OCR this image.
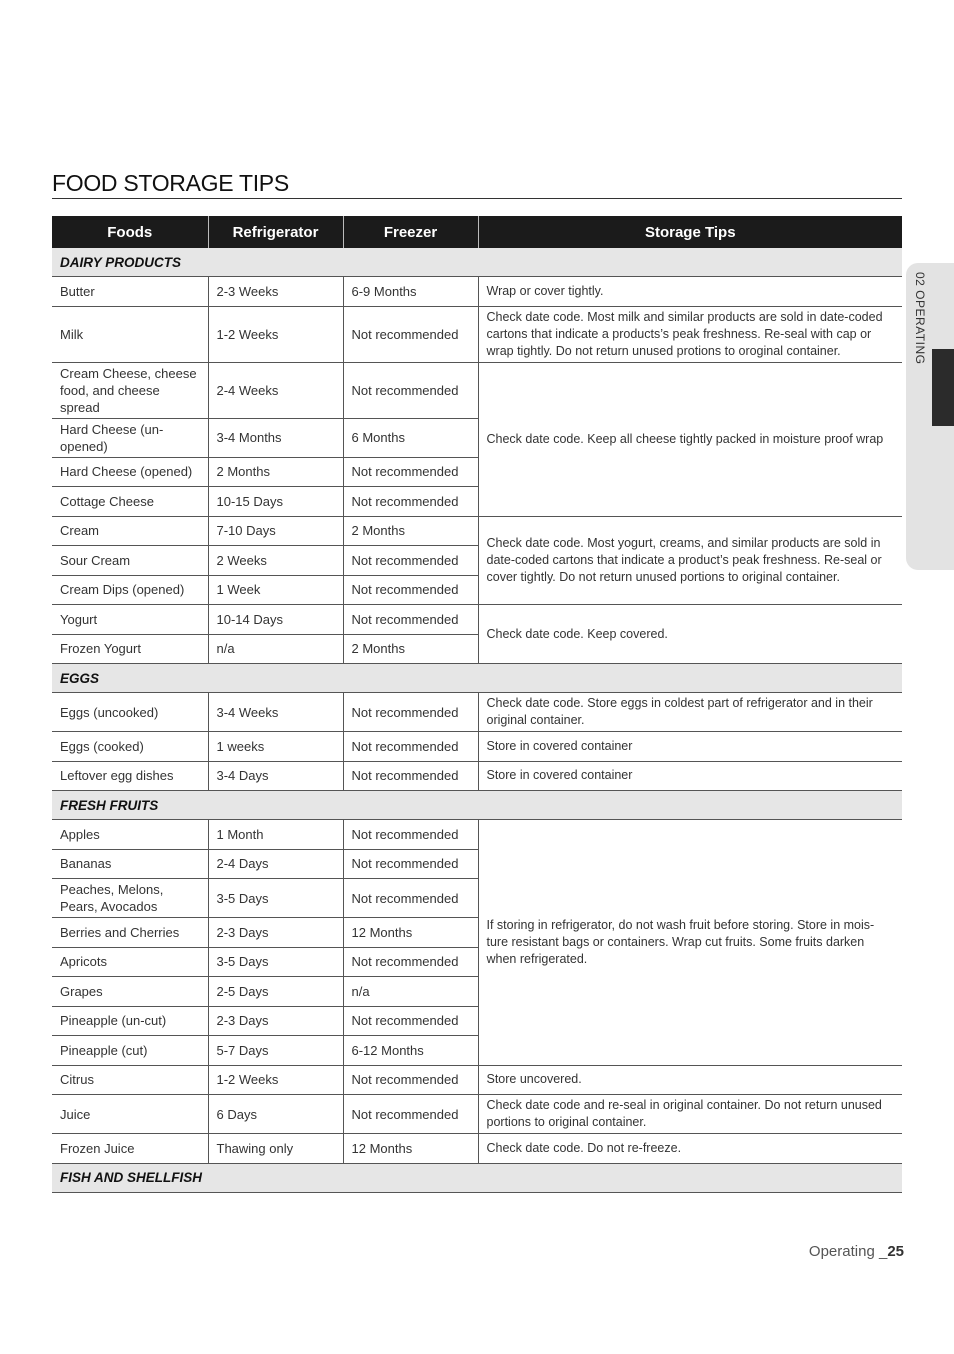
FOOD STORAGE TIPS
02 OPERATING
Foods	Refrigerator	Freezer	Storage Tips
DAIRY PRODUCTS			
Butter	2-3 Weeks	6-9 Months	Wrap or cover tightly.
Milk	1-2 Weeks	Not recommended	Check date code. Most milk and similar products are sold in date-coded cartons that indicate a products’s peak freshness. Re-seal with cap or wrap tightly. Do not return unused protions to oroginal container.
Cream Cheese, cheese food, and cheese spread	2-4 Weeks	Not recommended	Check date code. Keep all cheese tightly packed in moisture proof wrap
Hard Cheese (un-opened)	3-4 Months	6 Months	
Hard Cheese (opened)	2 Months	Not recommended	
Cottage Cheese	10-15 Days	Not recommended	
Cream	7-10 Days	2 Months	Check date code. Most yogurt, creams, and similar products are sold in date-coded cartons that indicate a product’s peak freshness. Re-seal or cover tightly. Do not return unused portions to original container.
Sour Cream	2 Weeks	Not recommended	
Cream Dips (opened)	1 Week	Not recommended	
Yogurt	10-14 Days	Not recommended	Check date code. Keep covered.
Frozen Yogurt	n/a	2 Months	
EGGS			
Eggs (uncooked)	3-4 Weeks	Not recommended	Check date code. Store eggs in coldest part of refrigerator and in their original container.
Eggs (cooked)	1 weeks	Not recommended	Store in covered container
Leftover egg dishes	3-4 Days	Not recommended	Store in covered container
FRESH FRUITS			
Apples	1 Month	Not recommended	If storing in refrigerator, do not wash fruit before storing. Store in mois-ture resistant bags or containers. Wrap cut fruits. Some fruits darken when refrigerated.
Bananas	2-4 Days	Not recommended	
Peaches, Melons, Pears, Avocados	3-5 Days	Not recommended	
Berries and Cherries	2-3 Days	12 Months	
Apricots	3-5 Days	Not recommended	
Grapes	2-5 Days	n/a	
Pineapple (un-cut)	2-3 Days	Not recommended	
Pineapple (cut)	5-7 Days	6-12 Months	
Citrus	1-2 Weeks	Not recommended	Store uncovered.
Juice	6 Days	Not recommended	Check date code and re-seal in original container. Do not return unused portions to original container.
Frozen Juice	Thawing only	12 Months	Check date code. Do not re-freeze.
FISH AND SHELLFISH			
Operating _25
